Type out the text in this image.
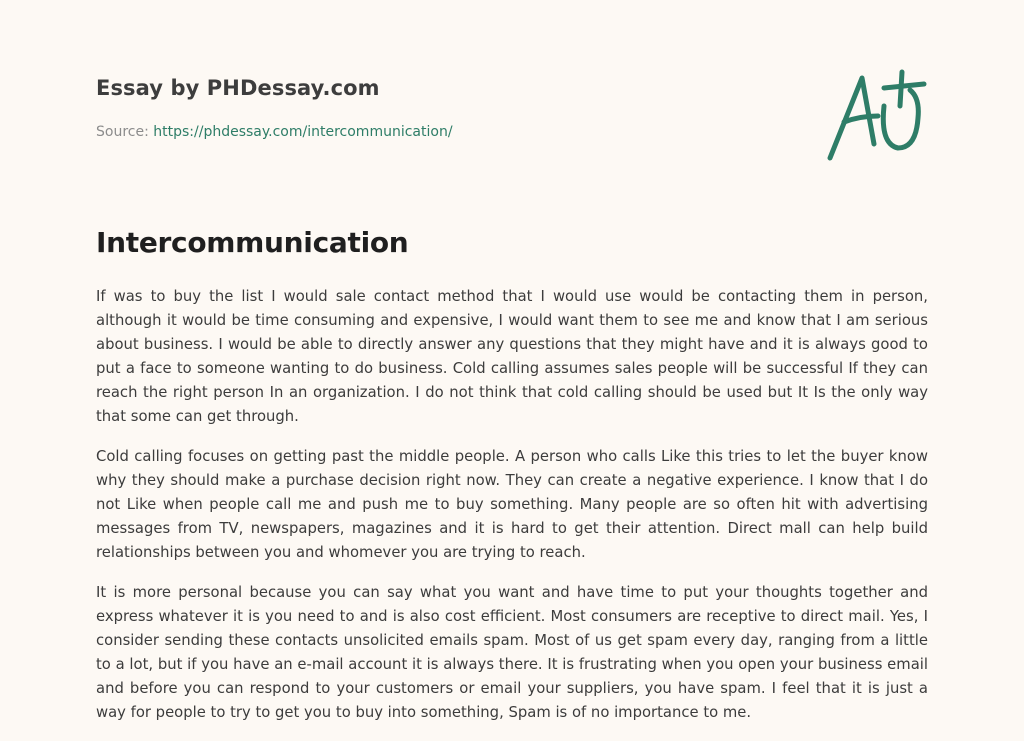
Essay by PHDessay.com
Source: https://phdessay.com/intercommunication/
Intercommunication

If was to buy the list I would sale contact method that I would use would be contacting them in person, although it would be time consuming and expensive, I would want them to see me and know that I am serious about business. I would be able to directly answer any questions that they might have and it is always good to put a face to someone wanting to do business. Cold calling assumes sales people will be successful If they can reach the right person In an organization. I do not think that cold calling should be used but It Is the only way that some can get through.

Cold calling focuses on getting past the middle people. A person who calls Like this tries to let the buyer know why they should make a purchase decision right now. They can create a negative experience. I know that I do not Like when people call me and push me to buy something. Many people are so often hit with advertising messages from TV, newspapers, magazines and it is hard to get their attention. Direct mall can help build relationships between you and whomever you are trying to reach.

It is more personal because you can say what you want and have time to put your thoughts together and express whatever it is you need to and is also cost efficient. Most consumers are receptive to direct mail. Yes, I consider sending these contacts unsolicited emails spam. Most of us get spam every day, ranging from a little to a lot, but if you have an e-mail account it is always there. It is frustrating when you open your business email and before you can respond to your customers or email your suppliers, you have spam. I feel that it is just a way for people to try to get you to buy into something, Spam is of no importance to me.
